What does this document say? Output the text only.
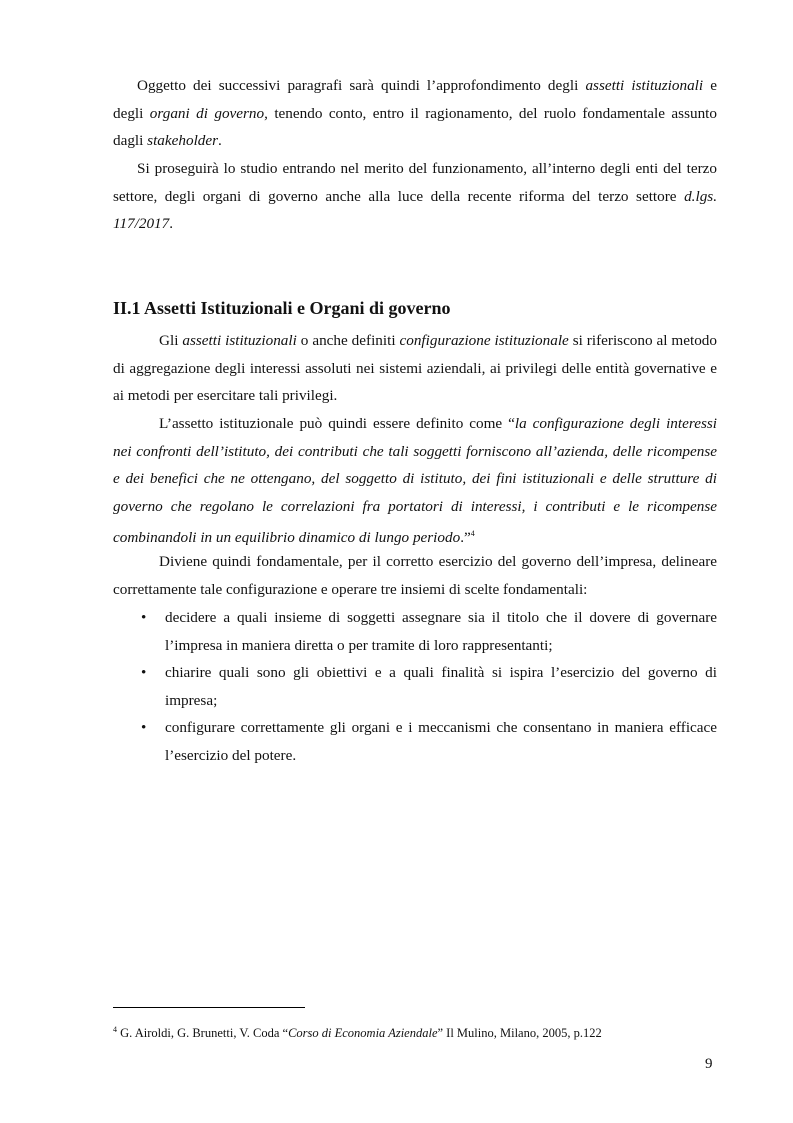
Oggetto dei successivi paragrafi sarà quindi l’approfondimento degli assetti istituzionali e degli organi di governo, tenendo conto, entro il ragionamento, del ruolo fondamentale assunto dagli stakeholder.

Si proseguirà lo studio entrando nel merito del funzionamento, all’interno degli enti del terzo settore, degli organi di governo anche alla luce della recente riforma del terzo settore d.lgs. 117/2017.

II.1 Assetti Istituzionali e Organi di governo

Gli assetti istituzionali o anche definiti configurazione istituzionale si riferiscono al metodo di aggregazione degli interessi assoluti nei sistemi aziendali, ai privilegi delle entità governative e ai metodi per esercitare tali privilegi.

L’assetto istituzionale può quindi essere definito come “la configurazione degli interessi nei confronti dell’istituto, dei contributi che tali soggetti forniscono all’azienda, delle ricompense e dei benefici che ne ottengano, del soggetto di istituto, dei fini istituzionali e delle strutture di governo che regolano le correlazioni fra portatori di interessi, i contributi e le ricompense combinandoli in un equilibrio dinamico di lungo periodo.”$^4$

Diviene quindi fondamentale, per il corretto esercizio del governo dell’impresa, delineare correttamente tale configurazione e operare tre insiemi di scelte fondamentali:

• decidere a quali insieme di soggetti assegnare sia il titolo che il dovere di governare l’impresa in maniera diretta o per tramite di loro rappresentanti;
• chiarire quali sono gli obiettivi e a quali finalità si ispira l’esercizio del governo di impresa;
• configurare correttamente gli organi e i meccanismi che consentano in maniera efficace l’esercizio del potere.

$^4$ G. Airoldi, G. Brunetti, V. Coda “Corso di Economia Aziendale” Il Mulino, Milano, 2005, p.122

9
